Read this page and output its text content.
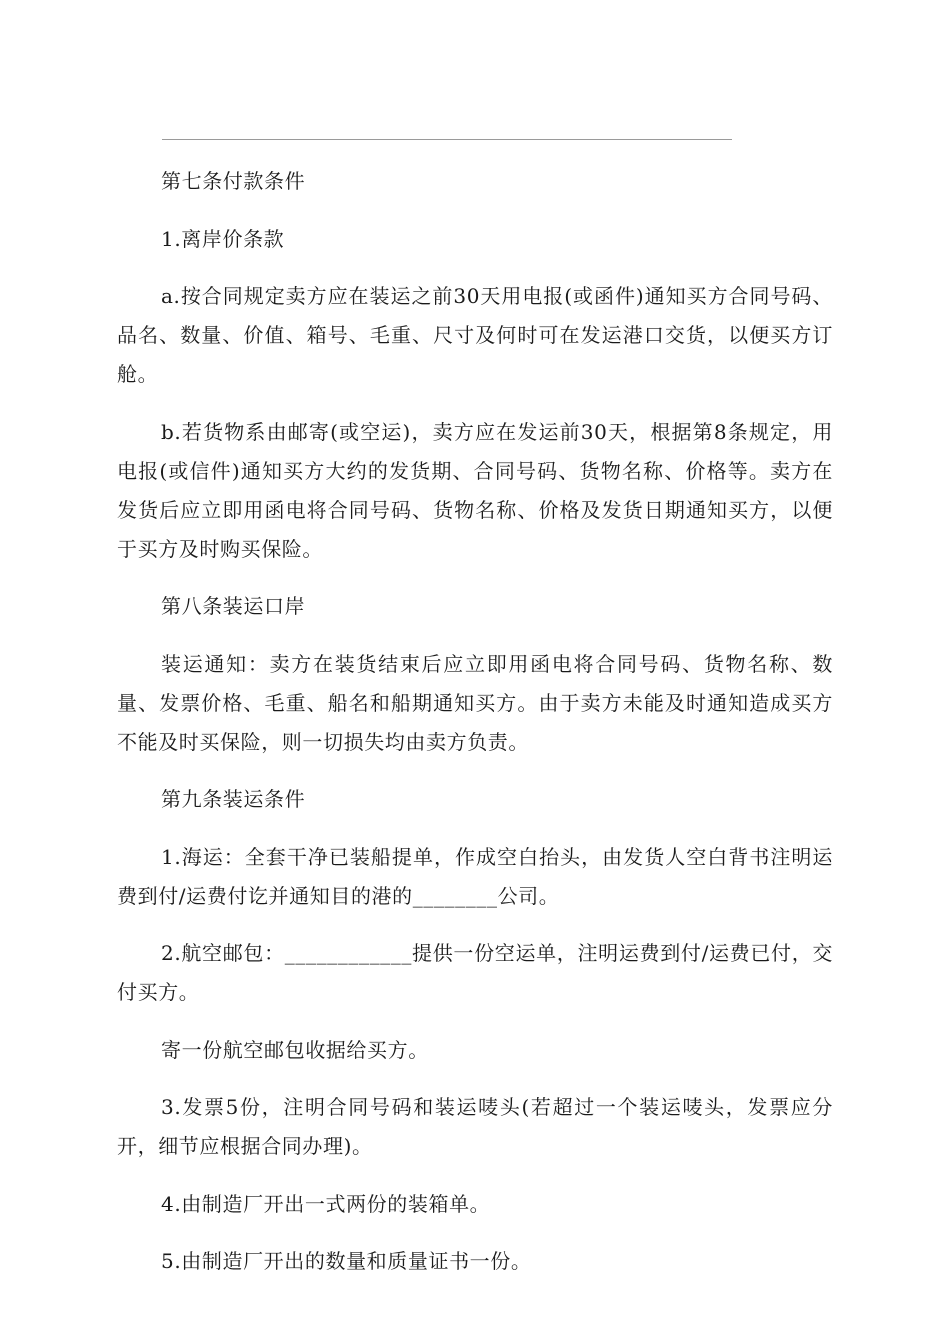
第七条付款条件

1.离岸价条款

a.按合同规定卖方应在装运之前30天用电报(或函件)通知买方合同号码、品名、数量、价值、箱号、毛重、尺寸及何时可在发运港口交货，以便买方订舱。

b.若货物系由邮寄(或空运)，卖方应在发运前30天，根据第8条规定，用电报(或信件)通知买方大约的发货期、合同号码、货物名称、价格等。卖方在发货后应立即用函电将合同号码、货物名称、价格及发货日期通知买方，以便于买方及时购买保险。

第八条装运口岸

装运通知：卖方在装货结束后应立即用函电将合同号码、货物名称、数量、发票价格、毛重、船名和船期通知买方。由于卖方未能及时通知造成买方不能及时买保险，则一切损失均由卖方负责。

第九条装运条件

1.海运：全套干净已装船提单，作成空白抬头，由发货人空白背书注明运费到付/运费付讫并通知目的港的________公司。

2.航空邮包：____________提供一份空运单，注明运费到付/运费已付，交付买方。

寄一份航空邮包收据给买方。

3.发票5份，注明合同号码和装运唛头(若超过一个装运唛头，发票应分开，细节应根据合同办理)。

4.由制造厂开出一式两份的装箱单。

5.由制造厂开出的数量和质量证书一份。
